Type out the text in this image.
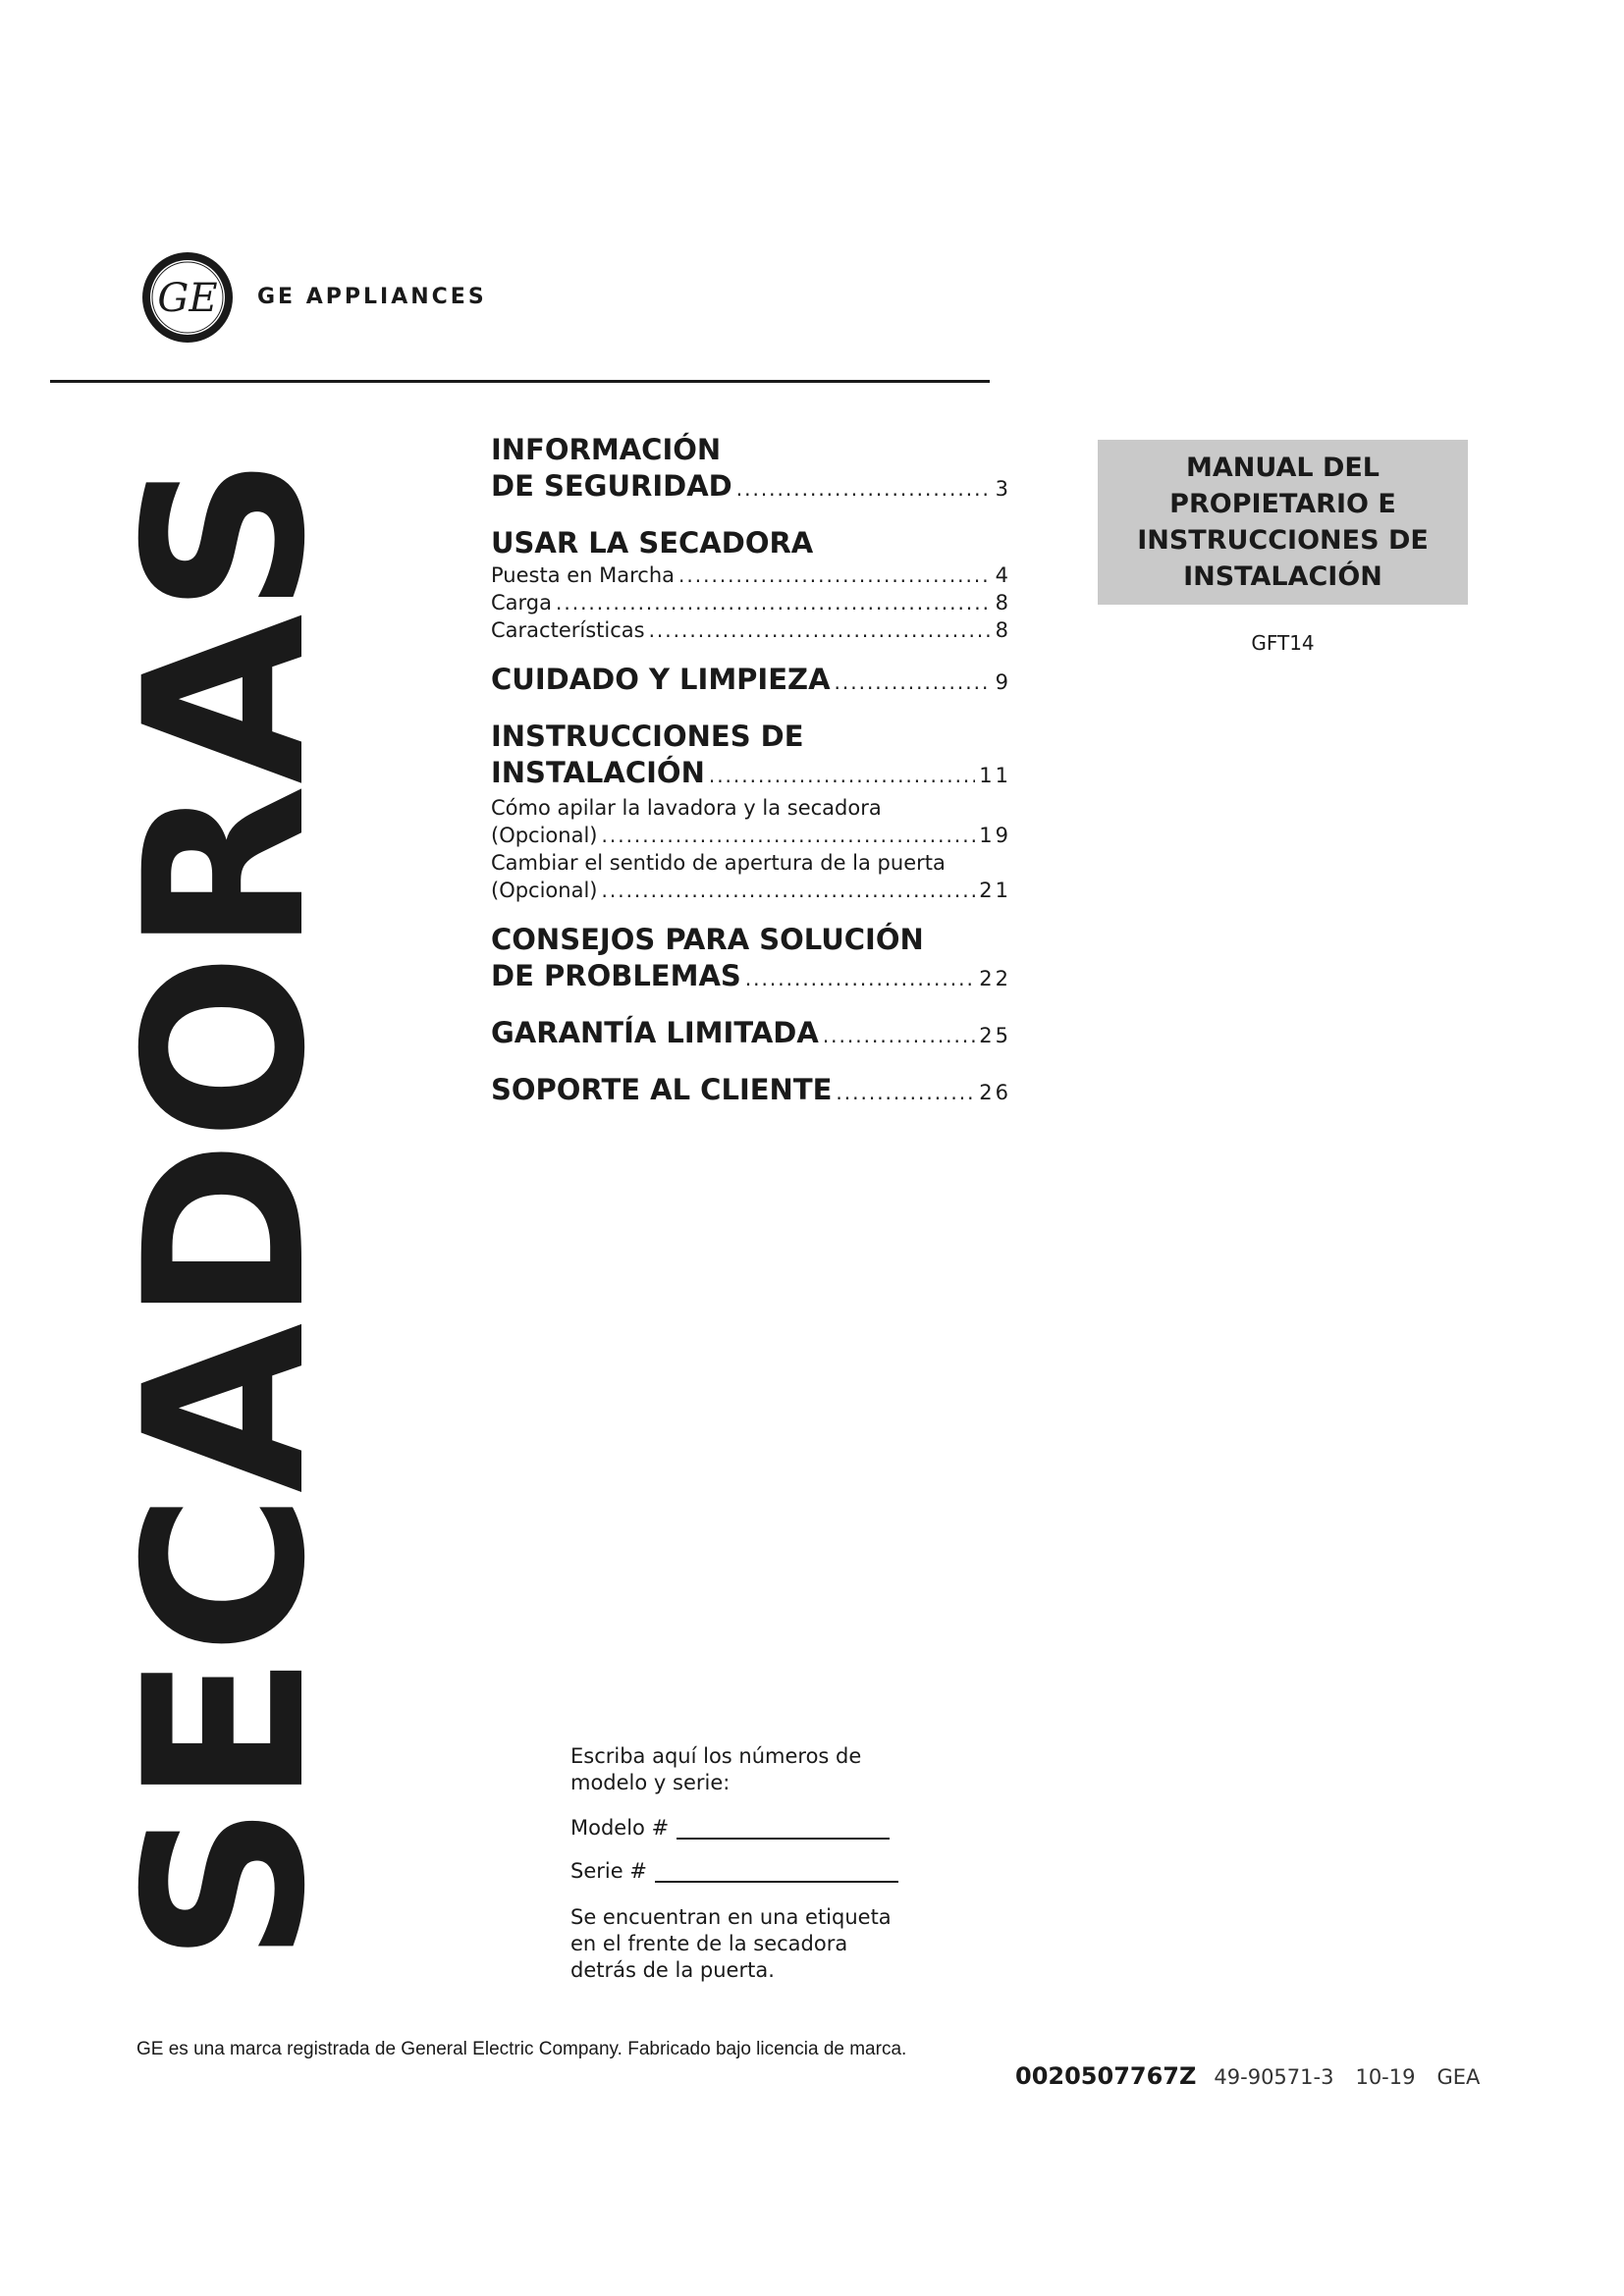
GE GE APPLIANCES
SECADORAS
INFORMACIÓN
DE SEGURIDAD .....	3
USAR LA SECADORA
Puesta en Marcha .....	4
Carga .....	8
Características .....	8
CUIDADO Y LIMPIEZA .....	9
INSTRUCCIONES DE
INSTALACIÓN .....	11
Cómo apilar la lavadora y la secadora
(Opcional) .....	19
Cambiar el sentido de apertura de la puerta
(Opcional) .....	21
CONSEJOS PARA SOLUCIÓN
DE PROBLEMAS .....	22
GARANTÍA LIMITADA .....	25
SOPORTE AL CLIENTE .....	26
MANUAL DEL
PROPIETARIO E
INSTRUCCIONES DE
INSTALACIÓN
GFT14
Escriba aquí los números de
modelo y serie:
Modelo #
Serie #
Se encuentran en una etiqueta
en el frente de la secadora
detrás de la puerta.
GE es una marca registrada de General Electric Company. Fabricado bajo licencia de marca.
0020507767Z 49-90571-3 10-19 GEA
